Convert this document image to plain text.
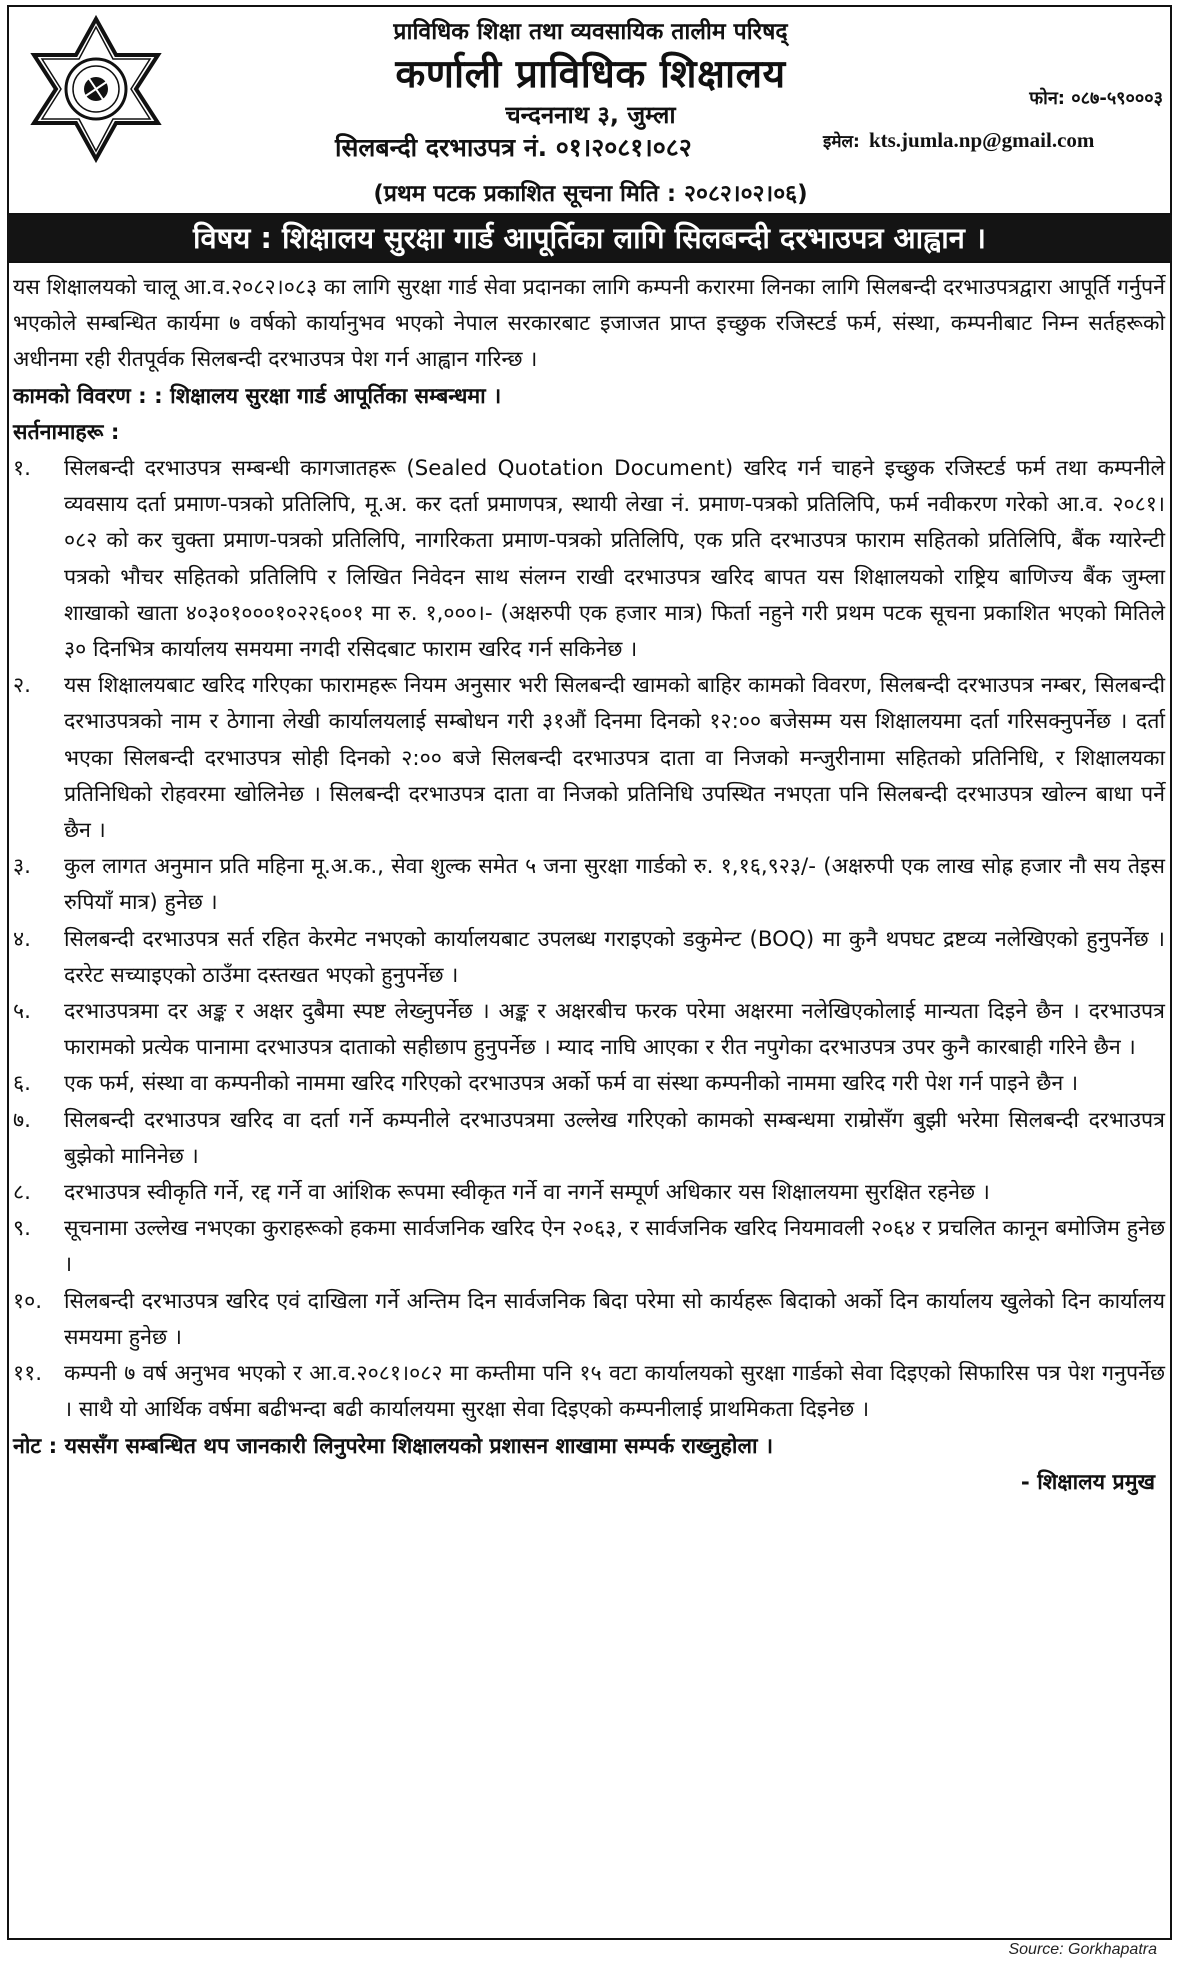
प्राविधिक शिक्षा तथा व्यवसायिक तालीम परिषद्
कर्णाली प्राविधिक शिक्षालय
चन्दननाथ ३, जुम्ला
सिलबन्दी दरभाउपत्र नं. ०१।२०८१।०८२
(प्रथम पटक प्रकाशित सूचना मिति : २०८२।०२।०६)
फोन: ०८७-५९०००३
इमेल: kts.jumla.np@gmail.com
विषय : शिक्षालय सुरक्षा गार्ड आपूर्तिका लागि सिलबन्दी दरभाउपत्र आह्वान ।

यस शिक्षालयको चालू आ.व.२०८२।०८३ का लागि सुरक्षा गार्ड सेवा प्रदानका लागि कम्पनी करारमा लिनका लागि सिलबन्दी दरभाउपत्रद्वारा आपूर्ति गर्नुपर्ने भएकोले सम्बन्धित कार्यमा ७ वर्षको कार्यानुभव भएको नेपाल सरकारबाट इजाजत प्राप्त इच्छुक रजिस्टर्ड फर्म, संस्था, कम्पनीबाट निम्न सर्तहरूको अधीनमा रही रीतपूर्वक सिलबन्दी दरभाउपत्र पेश गर्न आह्वान गरिन्छ ।

कामको विवरण : : शिक्षालय सुरक्षा गार्ड आपूर्तिका सम्बन्धमा ।

सर्तनामाहरू :

१. सिलबन्दी दरभाउपत्र सम्बन्धी कागजातहरू (Sealed Quotation Document) खरिद गर्न चाहने इच्छुक रजिस्टर्ड फर्म तथा कम्पनीले व्यवसाय दर्ता प्रमाण-पत्रको प्रतिलिपि, मू.अ. कर दर्ता प्रमाणपत्र, स्थायी लेखा नं. प्रमाण-पत्रको प्रतिलिपि, फर्म नवीकरण गरेको आ.व. २०८१।०८२ को कर चुक्ता प्रमाण-पत्रको प्रतिलिपि, नागरिकता प्रमाण-पत्रको प्रतिलिपि, एक प्रति दरभाउपत्र फाराम सहितको प्रतिलिपि, बैंक ग्यारेन्टी पत्रको भौचर सहितको प्रतिलिपि र लिखित निवेदन साथ संलग्न राखी दरभाउपत्र खरिद बापत यस शिक्षालयको राष्ट्रिय बाणिज्य बैंक जुम्ला शाखाको खाता ४०३०१०००१०२२६००१ मा रु. १,०००।- (अक्षरुपी एक हजार मात्र) फिर्ता नहुने गरी प्रथम पटक सूचना प्रकाशित भएको मितिले ३० दिनभित्र कार्यालय समयमा नगदी रसिदबाट फाराम खरिद गर्न सकिनेछ ।
२. यस शिक्षालयबाट खरिद गरिएका फारामहरू नियम अनुसार भरी सिलबन्दी खामको बाहिर कामको विवरण, सिलबन्दी दरभाउपत्र नम्बर, सिलबन्दी दरभाउपत्रको नाम र ठेगाना लेखी कार्यालयलाई सम्बोधन गरी ३१औं दिनमा दिनको १२:०० बजेसम्म यस शिक्षालयमा दर्ता गरिसक्नुपर्नेछ । दर्ता भएका सिलबन्दी दरभाउपत्र सोही दिनको २:०० बजे सिलबन्दी दरभाउपत्र दाता वा निजको मन्जुरीनामा सहितको प्रतिनिधि, र शिक्षालयका प्रतिनिधिको रोहवरमा खोलिनेछ । सिलबन्दी दरभाउपत्र दाता वा निजको प्रतिनिधि उपस्थित नभएता पनि सिलबन्दी दरभाउपत्र खोल्न बाधा पर्ने छैन ।
३. कुल लागत अनुमान प्रति महिना मू.अ.क., सेवा शुल्क समेत ५ जना सुरक्षा गार्डको रु. १,१६,९२३/- (अक्षरुपी एक लाख सोह्र हजार नौ सय तेइस रुपियाँ मात्र) हुनेछ ।
४. सिलबन्दी दरभाउपत्र सर्त रहित केरमेट नभएको कार्यालयबाट उपलब्ध गराइएको डकुमेन्ट (BOQ) मा कुनै थपघट द्रष्टव्य नलेखिएको हुनुपर्नेछ । दररेट सच्याइएको ठाउँमा दस्तखत भएको हुनुपर्नेछ ।
५. दरभाउपत्रमा दर अङ्क र अक्षर दुबैमा स्पष्ट लेख्नुपर्नेछ । अङ्क र अक्षरबीच फरक परेमा अक्षरमा नलेखिएकोलाई मान्यता दिइने छैन । दरभाउपत्र फारामको प्रत्येक पानामा दरभाउपत्र दाताको सहीछाप हुनुपर्नेछ । म्याद नाघि आएका र रीत नपुगेका दरभाउपत्र उपर कुनै कारबाही गरिने छैन ।
६. एक फर्म, संस्था वा कम्पनीको नाममा खरिद गरिएको दरभाउपत्र अर्को फर्म वा संस्था कम्पनीको नाममा खरिद गरी पेश गर्न पाइने छैन ।
७. सिलबन्दी दरभाउपत्र खरिद वा दर्ता गर्ने कम्पनीले दरभाउपत्रमा उल्लेख गरिएको कामको सम्बन्धमा राम्रोसँग बुझी भरेमा सिलबन्दी दरभाउपत्र बुझेको मानिनेछ ।
८. दरभाउपत्र स्वीकृति गर्ने, रद्द गर्ने वा आंशिक रूपमा स्वीकृत गर्ने वा नगर्ने सम्पूर्ण अधिकार यस शिक्षालयमा सुरक्षित रहनेछ ।
९. सूचनामा उल्लेख नभएका कुराहरूको हकमा सार्वजनिक खरिद ऐन २०६३, र सार्वजनिक खरिद नियमावली २०६४ र प्रचलित कानून बमोजिम हुनेछ ।
१०. सिलबन्दी दरभाउपत्र खरिद एवं दाखिला गर्ने अन्तिम दिन सार्वजनिक बिदा परेमा सो कार्यहरू बिदाको अर्को दिन कार्यालय खुलेको दिन कार्यालय समयमा हुनेछ ।
११. कम्पनी ७ वर्ष अनुभव भएको र आ.व.२०८१।०८२ मा कम्तीमा पनि १५ वटा कार्यालयको सुरक्षा गार्डको सेवा दिइएको सिफारिस पत्र पेश गनुपर्नेछ । साथै यो आर्थिक वर्षमा बढीभन्दा बढी कार्यालयमा सुरक्षा सेवा दिइएको कम्पनीलाई प्राथमिकता दिइनेछ ।

नोट : यससँग सम्बन्धित थप जानकारी लिनुपरेमा शिक्षालयको प्रशासन शाखामा सम्पर्क राख्नुहोला ।

- शिक्षालय प्रमुख

Source: Gorkhapatra
